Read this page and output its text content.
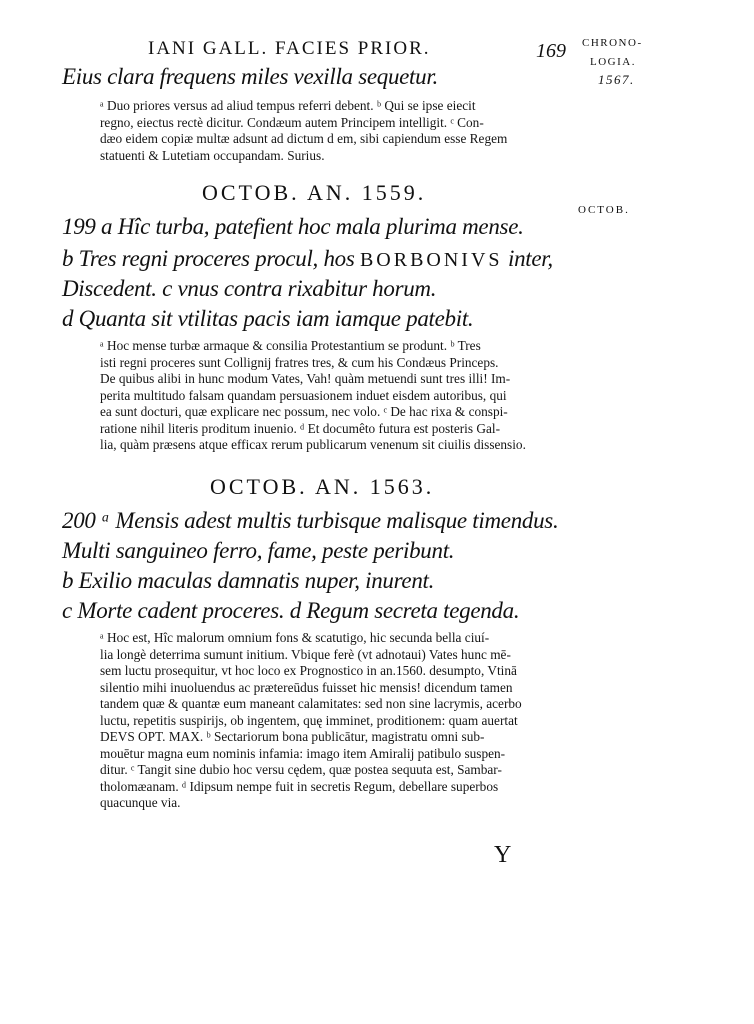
IANI GALL. FACIES PRIOR.	169 CHRONO-
LOGIA.
1567.
OCTOB.
Eius clara frequens miles vexilla sequetur.
ᵃ Duo priores versus ad aliud tempus referri debent. ᵇ Qui se ipse eiecit
regno, eiectus rectè dicitur. Condæum autem Principem intelligit. ᶜ Con-
dæo eidem copiæ multæ adsunt ad dictum d em, sibi capiendum esse Regem
statuenti & Lutetiam occupandam. Surius.
OCTOB. AN. 1559.
199 a Hîc turba, patefient hoc mala plurima mense.
b Tres regni proceres procul, hos BORBONIVS inter,
Discedent. c vnus contra rixabitur horum.
d Quanta sit vtilitas pacis iam iamque patebit.
ᵃ Hoc mense turbæ armaque & consilia Protestantium se produnt. ᵇ Tres
isti regni proceres sunt Collignij fratres tres, & cum his Condæus Princeps.
De quibus alibi in hunc modum Vates, Vah! quàm metuendi sunt tres illi! Im-
perita multitudo falsam quandam persuasionem induet eisdem autoribus, qui
ea sunt docturi, quæ explicare nec possum, nec volo. ᶜ De hac rixa & conspi-
ratione nihil literis proditum inuenio. ᵈ Et documêto futura est posteris Gal-
lia, quàm præsens atque efficax rerum publicarum venenum sit ciuilis dissensio.
OCTOB. AN. 1563.
200 ᵃ Mensis adest multis turbisque malisque timendus.
Multi sanguineo ferro, fame, peste peribunt.
b Exilio maculas damnatis nuper, inurent.
c Morte cadent proceres. d Regum secreta tegenda.
ᵃ Hoc est, Hîc malorum omnium fons & scatutigo, hic secunda bella ciuí-
lia longè deterrima sumunt initium. Vbique ferè (vt adnotaui) Vates hunc mē-
sem luctu prosequitur, vt hoc loco ex Prognostico in an.1560. desumpto, Vtinā
silentio mihi inuoluendus ac prætereūdus fuisset hic mensis! dicendum tamen
tandem quæ & quantæ eum maneant calamitates: sed non sine lacrymis, acerbo
luctu, repetitis suspirijs, ob ingentem, quę imminet, proditionem: quam auertat
DEVS OPT. MAX. ᵇ Sectariorum bona publicātur, magistratu omni sub-
mouētur magna eum nominis infamia: imago item Amiralij patibulo suspen-
ditur. ᶜ Tangit sine dubio hoc versu cędem, quæ postea sequuta est, Sambar-
tholomæanam. ᵈ Idipsum nempe fuit in secretis Regum, debellare superbos
quacunque via.
Y
